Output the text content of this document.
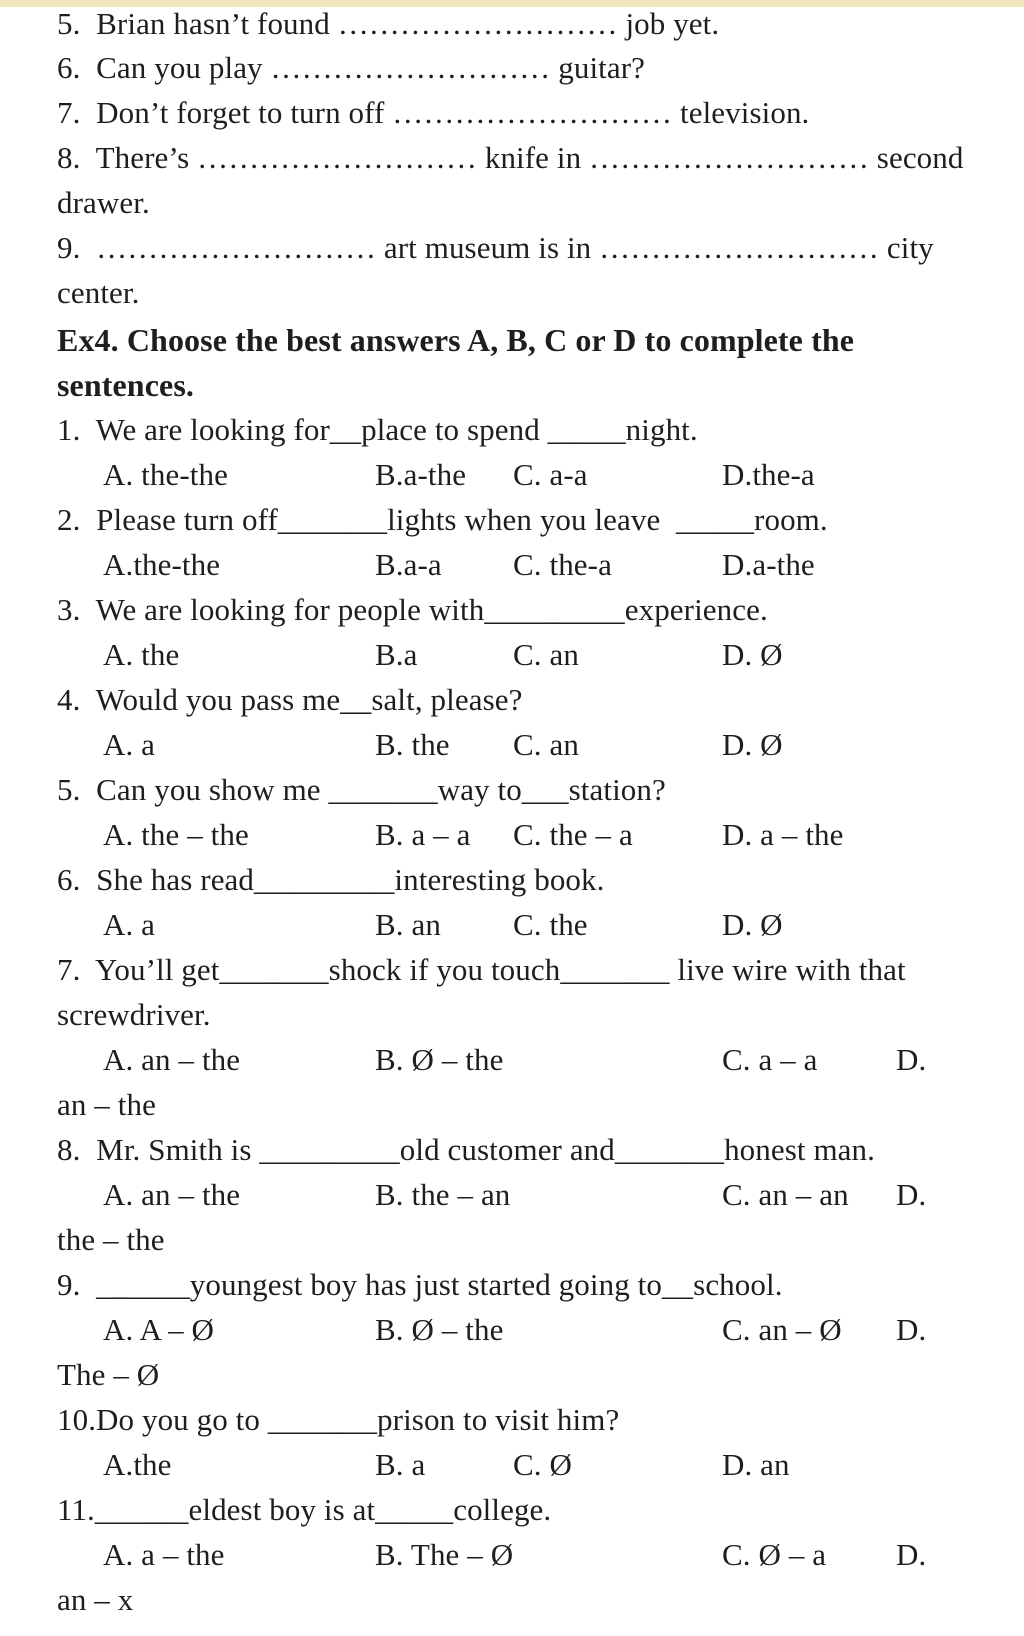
5.  Brian hasn’t found ……………………… job yet.
6.  Can you play ……………………… guitar?
7.  Don’t forget to turn off ……………………… television.
8.  There’s ……………………… knife in ……………………… second
drawer.
9.  ……………………… art museum is in ……………………… city
center.
Ex4. Choose the best answers A, B, C or D to complete the
sentences.
1.  We are looking for__place to spend _____night.
A. the-the	B.a-the C. a-a	D.the-a
2.  Please turn off_______lights when you leave  _____room.
A.the-the	B.a-a C. the-a	D.a-the
3.  We are looking for people with_________experience.
A. the	B.a	C. an	D. Ø
4.  Would you pass me__salt, please?
A. a	B. the C. an	D. Ø
5.  Can you show me _______way to___station?
A. the – the	B. a – a C. the – a	D. a – the
6.  She has read_________interesting book.
A. a	B. an C. the	D. Ø
7.  You’ll get_______shock if you touch_______ live wire with that
screwdriver.
A. an – the	B. Ø – the	C. a – a	D.
an – the
8.  Mr. Smith is _________old customer and_______honest man.
A. an – the	B. the – an	C. an – an D.
the – the
9.  ______youngest boy has just started going to__school.
A. A – Ø	B. Ø – the	C. an – Ø D.
The – Ø
10.Do you go to _______prison to visit him?
A.the	B. a	C. Ø	D. an
11.______eldest boy is at_____college.
A. a – the	B. The – Ø	C. Ø – a D.
an – x
